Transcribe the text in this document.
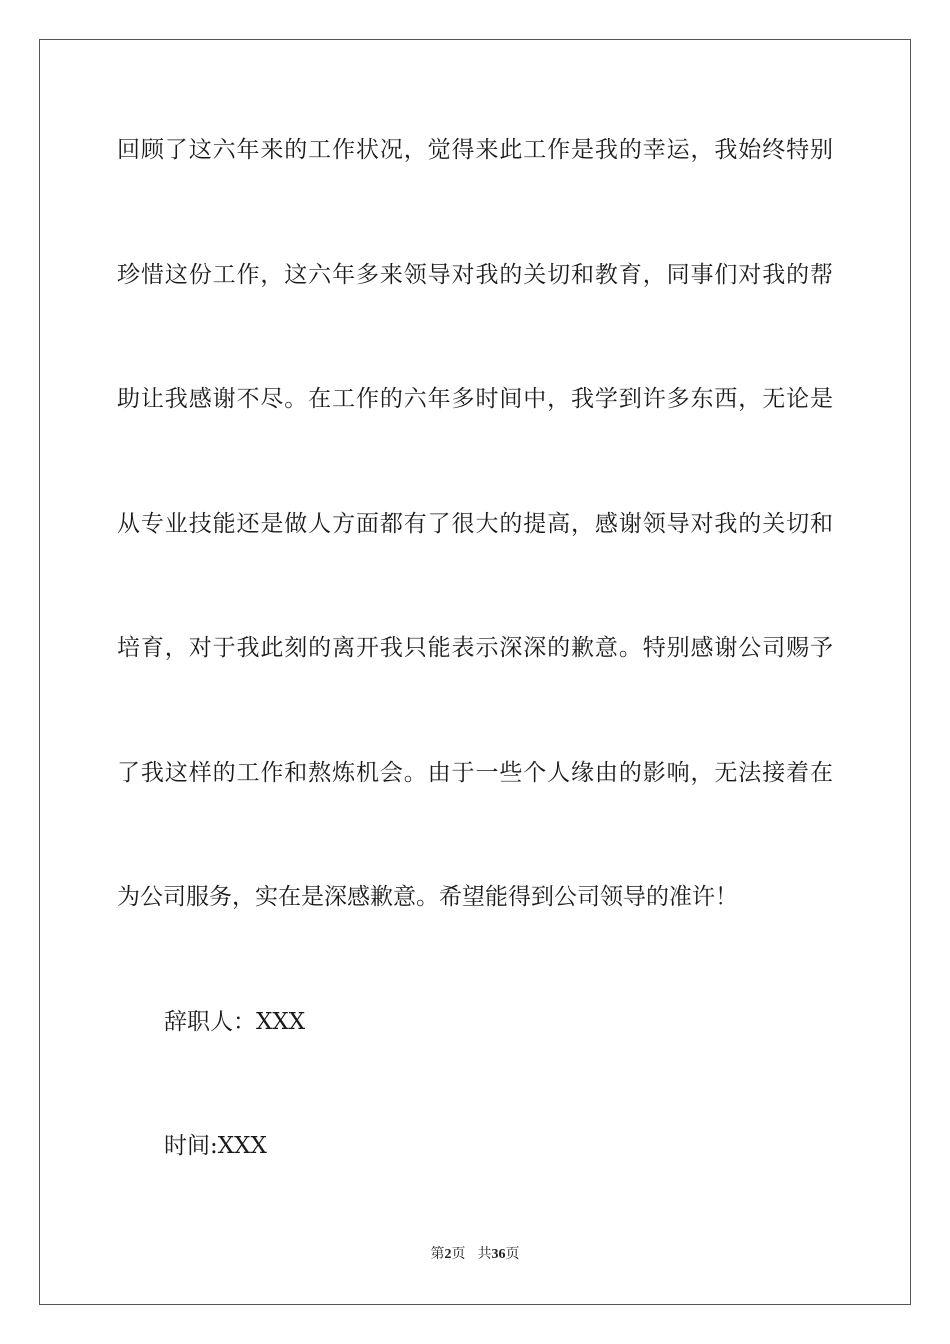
回顾了这六年来的工作状况，觉得来此工作是我的幸运，我始终特别
珍惜这份工作，这六年多来领导对我的关切和教育，同事们对我的帮
助让我感谢不尽。在工作的六年多时间中，我学到许多东西，无论是
从专业技能还是做人方面都有了很大的提高，感谢领导对我的关切和
培育，对于我此刻的离开我只能表示深深的歉意。特别感谢公司赐予
了我这样的工作和熬炼机会。由于一些个人缘由的影响，无法接着在
为公司服务，实在是深感歉意。希望能得到公司领导的准许！
辞职人：XXX
时间:XXX
第2页 共36页
